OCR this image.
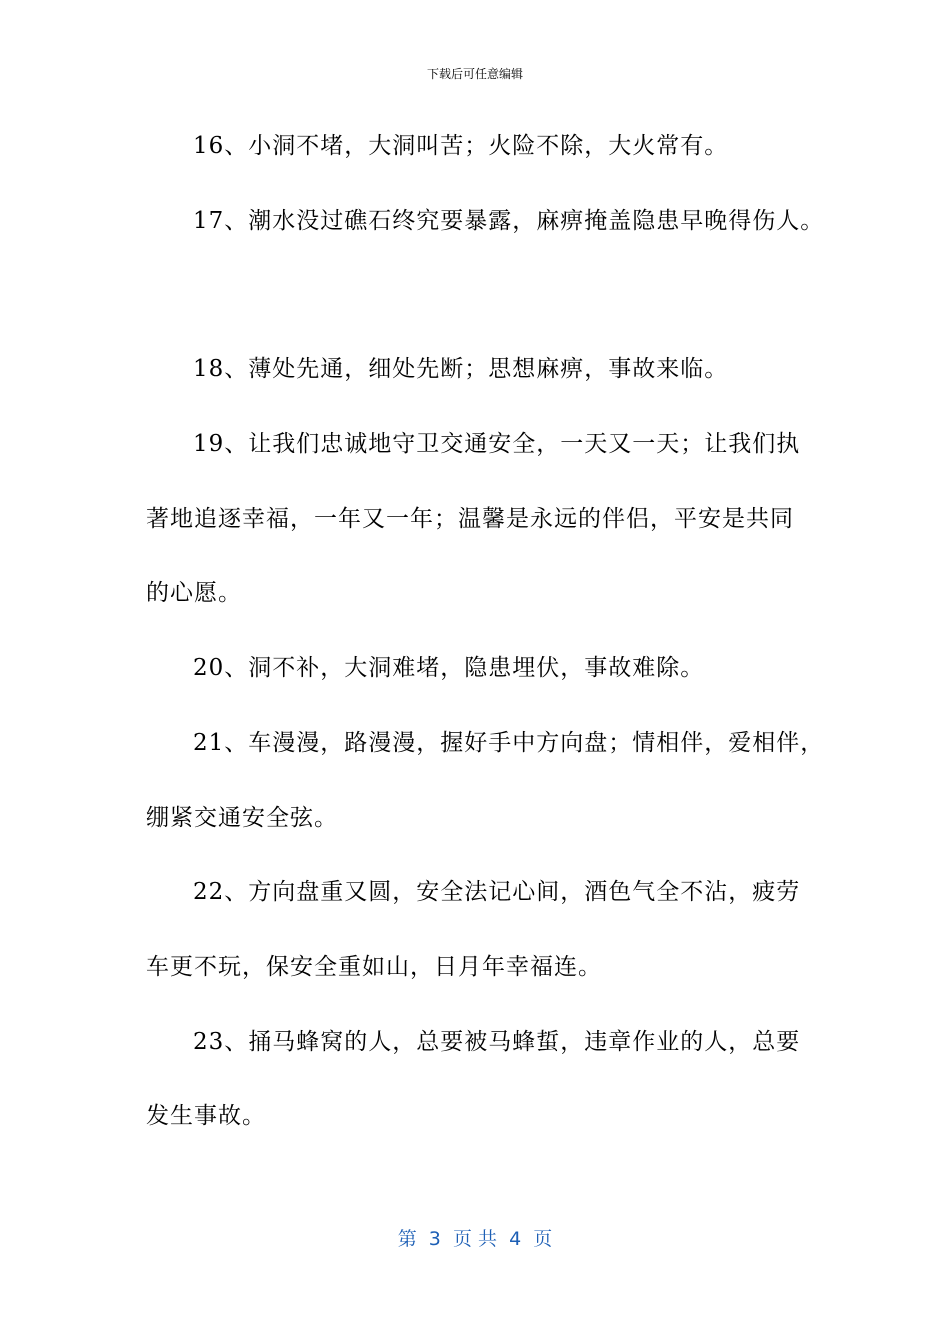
下载后可任意编辑
16、小洞不堵，大洞叫苦；火险不除，大火常有。
17、潮水没过礁石终究要暴露，麻痹掩盖隐患早晚得伤人。
18、薄处先通，细处先断；思想麻痹，事故来临。
19、让我们忠诚地守卫交通安全，一天又一天；让我们执
著地追逐幸福，一年又一年；温馨是永远的伴侣，平安是共同
的心愿。
20、洞不补，大洞难堵，隐患埋伏，事故难除。
21、车漫漫，路漫漫，握好手中方向盘；情相伴，爱相伴，
绷紧交通安全弦。
22、方向盘重又圆，安全法记心间，酒色气全不沾，疲劳
车更不玩，保安全重如山，日月年幸福连。
23、捅马蜂窝的人，总要被马蜂蜇，违章作业的人，总要
发生事故。
第  3  页 共  4  页
